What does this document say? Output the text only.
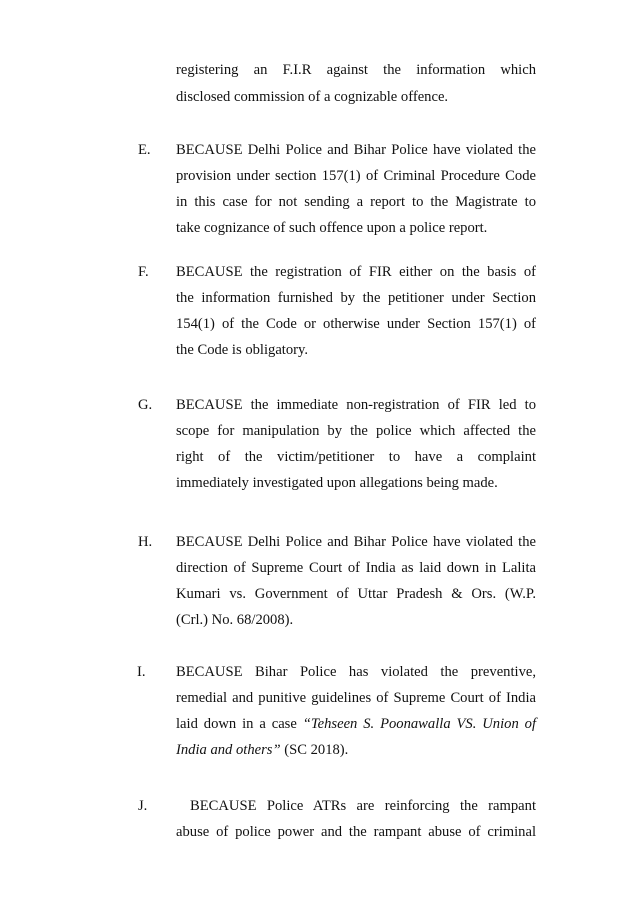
registering an F.I.R against the information which
disclosed commission of a cognizable offence.
E. BECAUSE Delhi Police and Bihar Police have violated the
provision under section 157(1) of Criminal Procedure Code
in this case for not sending a report to the Magistrate to
take cognizance of such offence upon a police report.
F. BECAUSE the registration of FIR either on the basis of
the information furnished by the petitioner under Section
154(1) of the Code or otherwise under Section 157(1) of
the Code is obligatory.
G. BECAUSE the immediate non-registration of FIR led to
scope for manipulation by the police which affected the
right of the victim/petitioner to have a complaint
immediately investigated upon allegations being made.
H. BECAUSE Delhi Police and Bihar Police have violated the
direction of Supreme Court of India as laid down in Lalita
Kumari vs. Government of Uttar Pradesh & Ors. (W.P.
(Crl.) No. 68/2008).
I. BECAUSE Bihar Police has violated the preventive,
remedial and punitive guidelines of Supreme Court of India
laid down in a case “Tehseen S. Poonawalla VS. Union of
India and others” (SC 2018).
J.	BECAUSE Police ATRs are reinforcing the rampant
abuse of police power and the rampant abuse of criminal
